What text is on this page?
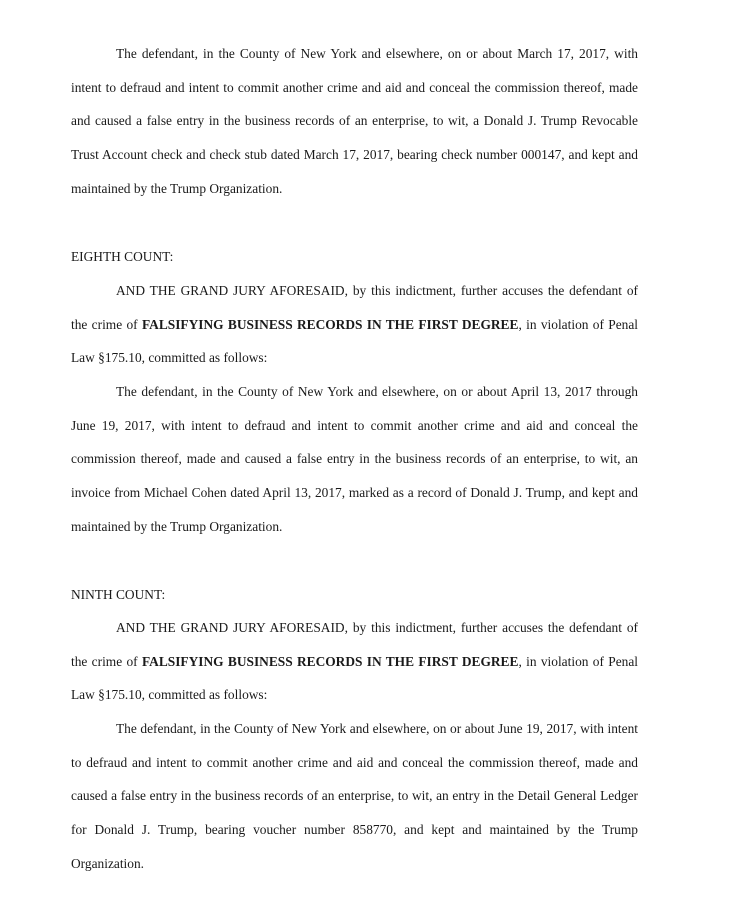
The defendant, in the County of New York and elsewhere, on or about March 17, 2017, with intent to defraud and intent to commit another crime and aid and conceal the commission thereof, made and caused a false entry in the business records of an enterprise, to wit, a Donald J. Trump Revocable Trust Account check and check stub dated March 17, 2017, bearing check number 000147, and kept and maintained by the Trump Organization.

EIGHTH COUNT:

AND THE GRAND JURY AFORESAID, by this indictment, further accuses the defendant of the crime of FALSIFYING BUSINESS RECORDS IN THE FIRST DEGREE, in violation of Penal Law §175.10, committed as follows:

The defendant, in the County of New York and elsewhere, on or about April 13, 2017 through June 19, 2017, with intent to defraud and intent to commit another crime and aid and conceal the commission thereof, made and caused a false entry in the business records of an enterprise, to wit, an invoice from Michael Cohen dated April 13, 2017, marked as a record of Donald J. Trump, and kept and maintained by the Trump Organization.

NINTH COUNT:

AND THE GRAND JURY AFORESAID, by this indictment, further accuses the defendant of the crime of FALSIFYING BUSINESS RECORDS IN THE FIRST DEGREE, in violation of Penal Law §175.10, committed as follows:

The defendant, in the County of New York and elsewhere, on or about June 19, 2017, with intent to defraud and intent to commit another crime and aid and conceal the commission thereof, made and caused a false entry in the business records of an enterprise, to wit, an entry in the Detail General Ledger for Donald J. Trump, bearing voucher number 858770, and kept and maintained by the Trump Organization.
